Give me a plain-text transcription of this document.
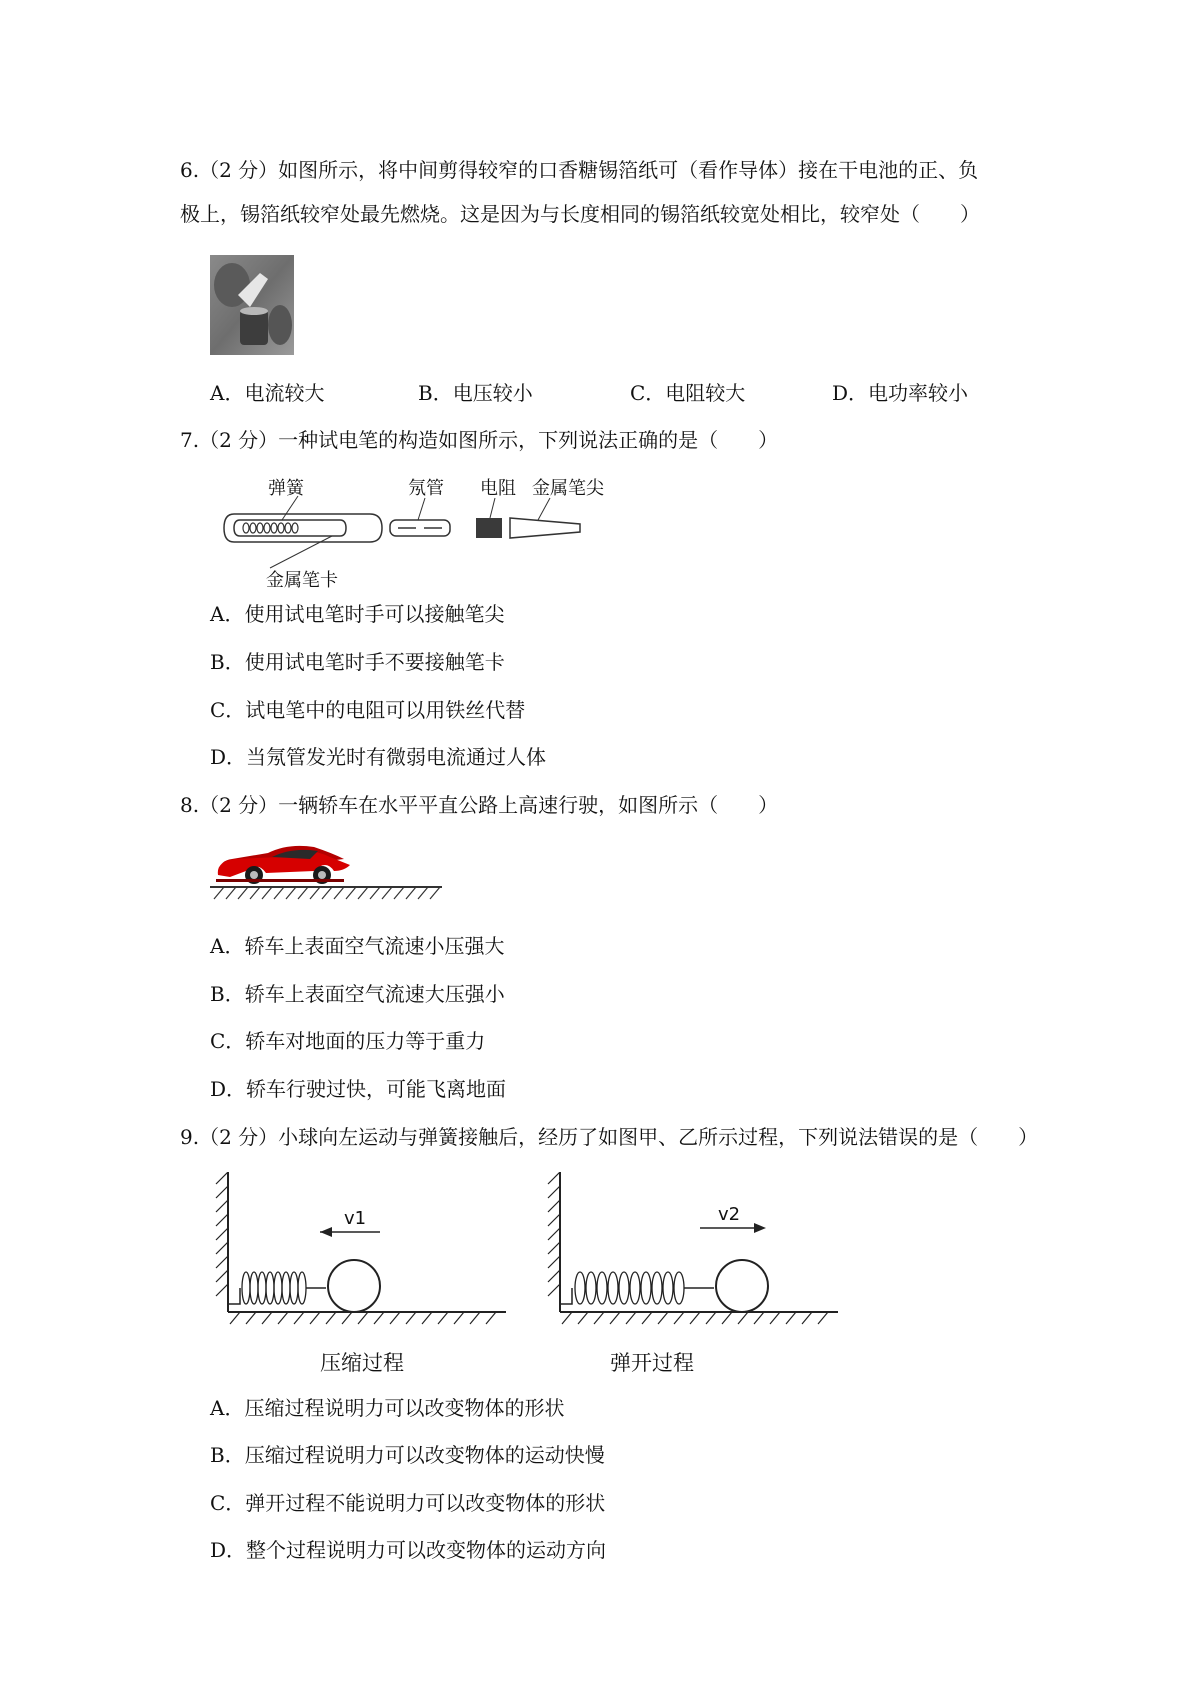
6.（2 分）如图所示，将中间剪得较窄的口香糖锡箔纸可（看作导体）接在干电池的正、负
极上，锡箔纸较窄处最先燃烧。这是因为与长度相同的锡箔纸较宽处相比，较窄处（　　）
A．电流较大	B．电压较小	C．电阻较大	D．电功率较小
7.（2 分）一种试电笔的构造如图所示，下列说法正确的是（　　）
弹簧	氖管 电阻 金属笔尖
金属笔卡
A．使用试电笔时手可以接触笔尖
B．使用试电笔时手不要接触笔卡
C．试电笔中的电阻可以用铁丝代替
D．当氖管发光时有微弱电流通过人体
8.（2 分）一辆轿车在水平平直公路上高速行驶，如图所示（　　）
A．轿车上表面空气流速小压强大
B．轿车上表面空气流速大压强小
C．轿车对地面的压力等于重力
D．轿车行驶过快，可能飞离地面
9.（2 分）小球向左运动与弹簧接触后，经历了如图甲、乙所示过程，下列说法错误的是（　　）
v1
压缩过程
v2
弹开过程
A．压缩过程说明力可以改变物体的形状
B．压缩过程说明力可以改变物体的运动快慢
C．弹开过程不能说明力可以改变物体的形状
D．整个过程说明力可以改变物体的运动方向
